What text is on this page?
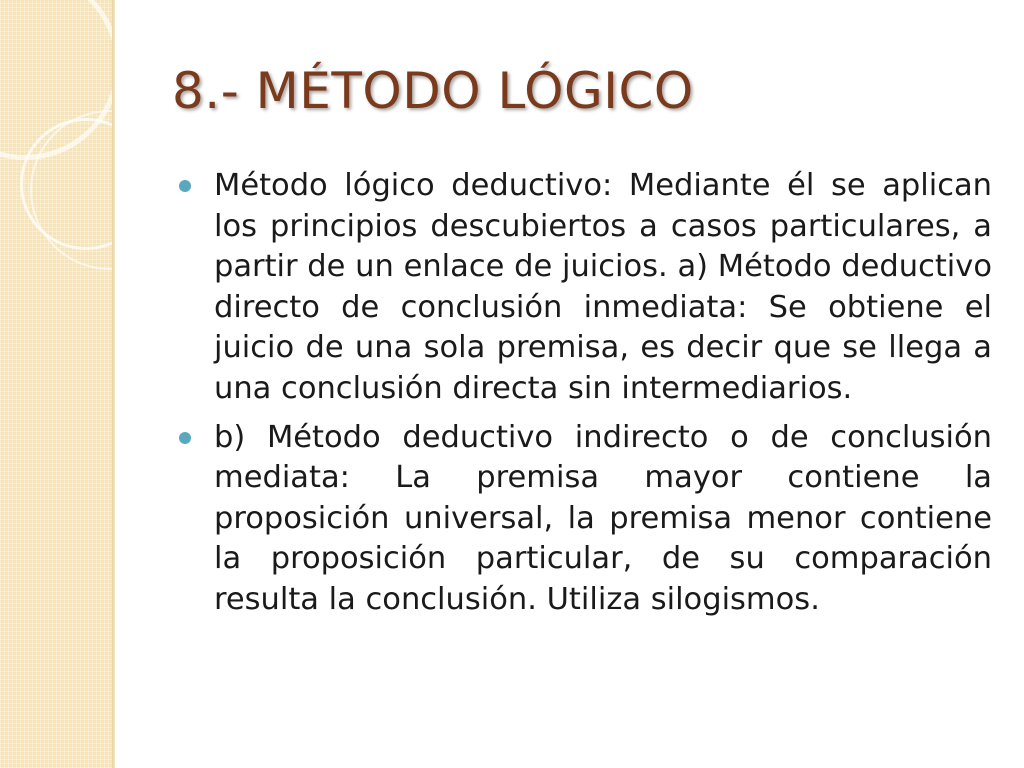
8.- MÉTODO LÓGICO

Método lógico deductivo: Mediante él se aplican los principios descubiertos a casos particulares, a partir de un enlace de juicios. a) Método deductivo directo de conclusión inmediata: Se obtiene el juicio de una sola premisa, es decir que se llega a una conclusión directa sin intermediarios.

b) Método deductivo indirecto o de conclusión mediata: La premisa mayor contiene la proposición universal, la premisa menor contiene la proposición particular, de su comparación resulta la conclusión. Utiliza silogismos.
